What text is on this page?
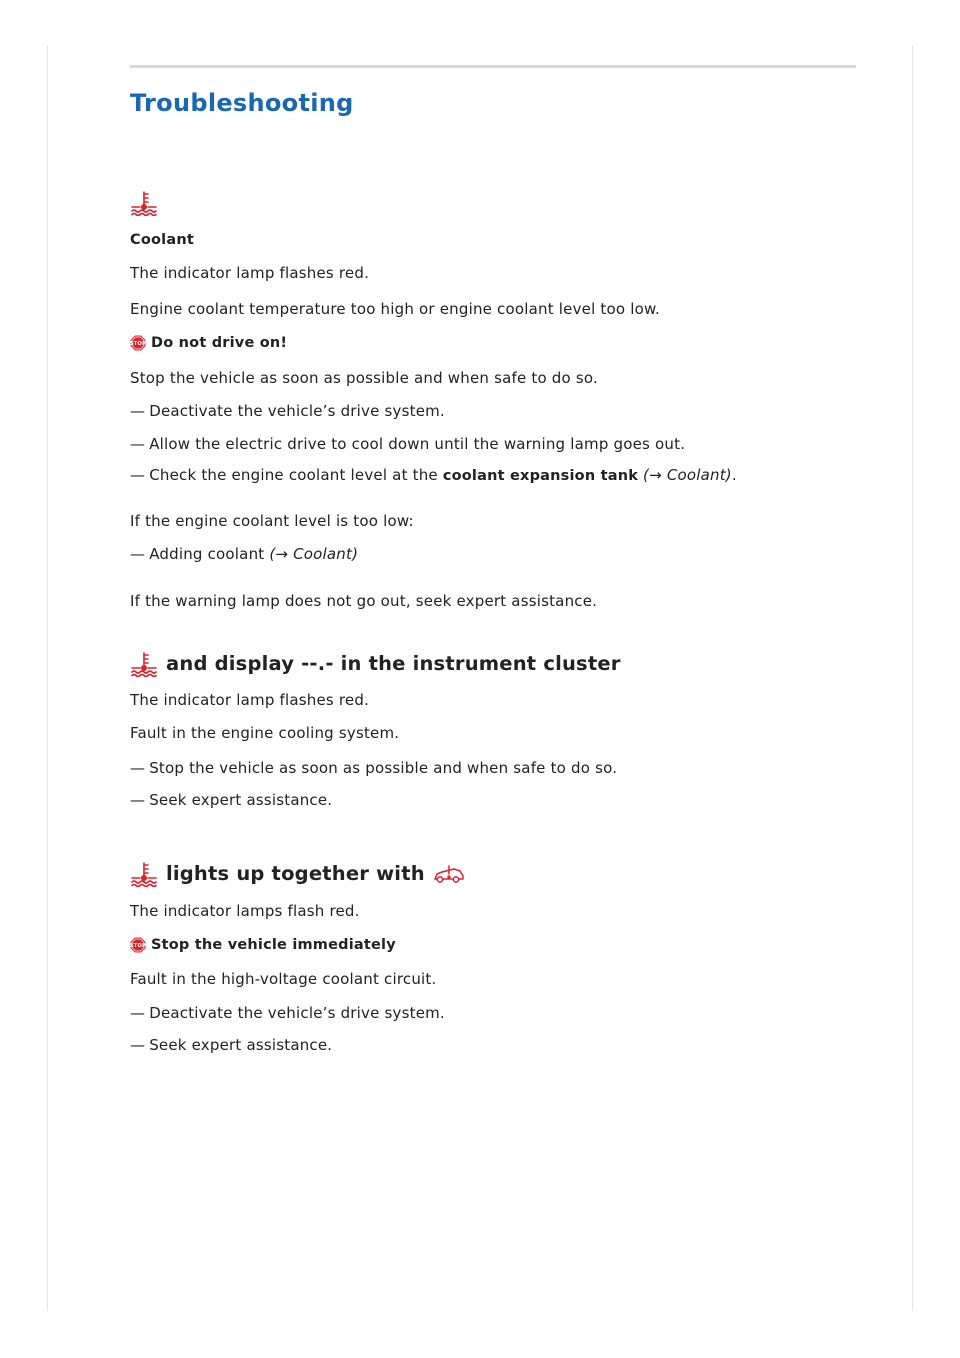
Troubleshooting
Coolant
The indicator lamp flashes red.
Engine coolant temperature too high or engine coolant level too low.
STOP Do not drive on!
Stop the vehicle as soon as possible and when safe to do so.
— Deactivate the vehicle’s drive system.
— Allow the electric drive to cool down until the warning lamp goes out.
— Check the engine coolant level at the coolant expansion tank (→ Coolant).
If the engine coolant level is too low:
— Adding coolant (→ Coolant)
If the warning lamp does not go out, seek expert assistance.
and display --.- in the instrument cluster
The indicator lamp flashes red.
Fault in the engine cooling system.
— Stop the vehicle as soon as possible and when safe to do so.
— Seek expert assistance.
lights up together with
The indicator lamps flash red.
STOP Stop the vehicle immediately
Fault in the high-voltage coolant circuit.
— Deactivate the vehicle’s drive system.
— Seek expert assistance.
